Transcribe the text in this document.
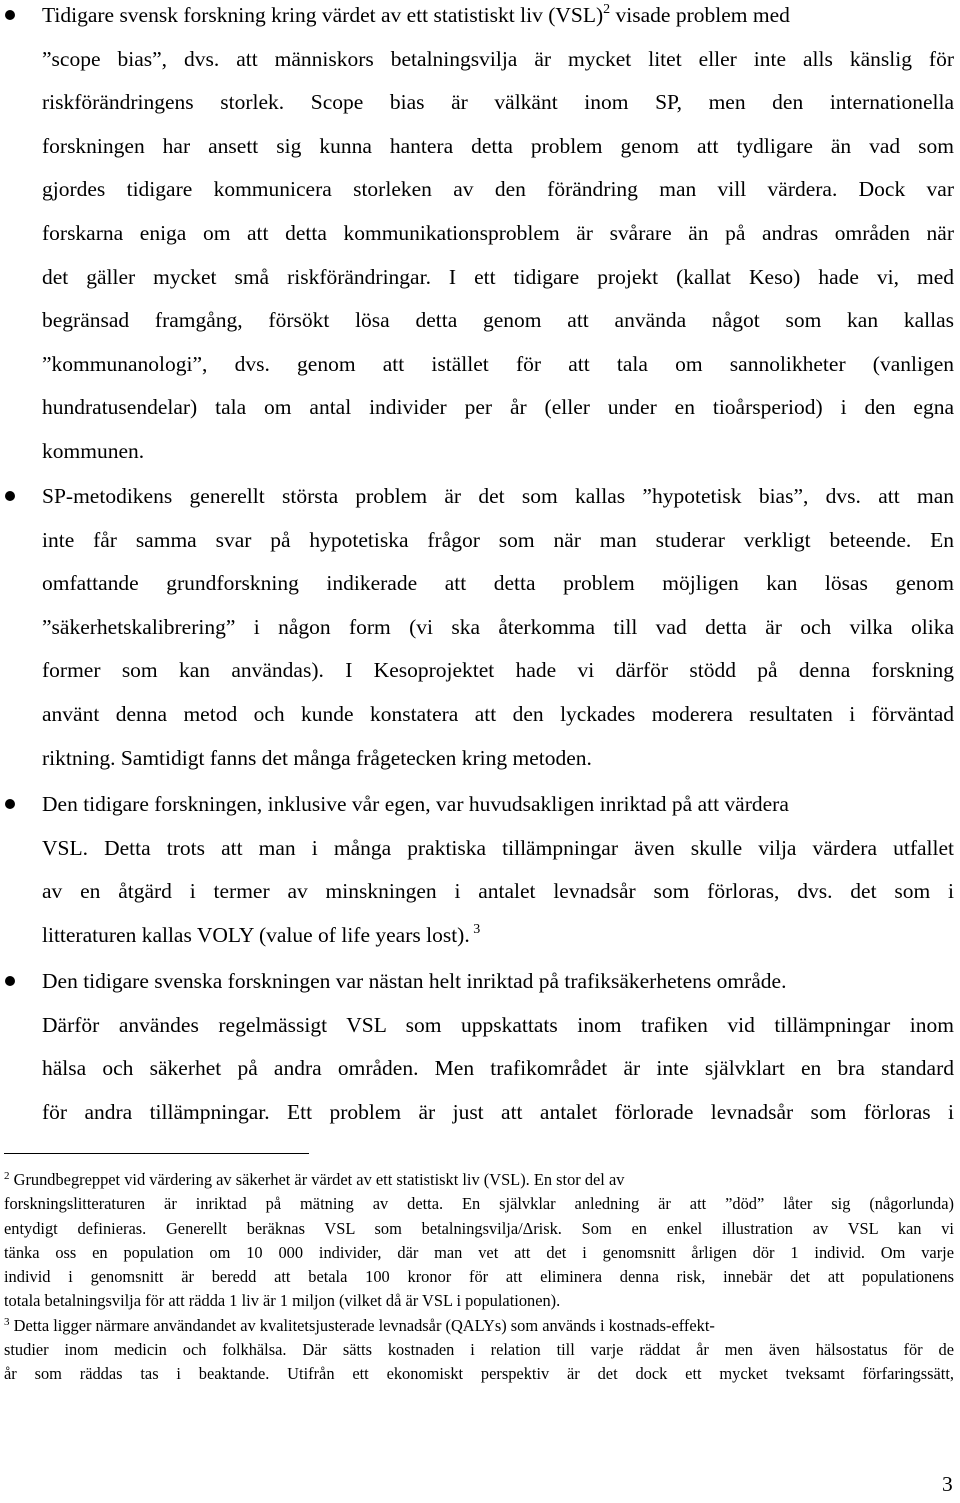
Tidigare svensk forskning kring värdet av ett statistiskt liv (VSL)$^2$ visade problem med
”scope bias”, dvs. att människors betalningsvilja är mycket litet eller inte alls känslig för
riskförändringens storlek. Scope bias är välkänt inom SP, men den internationella
forskningen har ansett sig kunna hantera detta problem genom att tydligare än vad som
gjordes tidigare kommunicera storleken av den förändring man vill värdera. Dock var
forskarna eniga om att detta kommunikationsproblem är svårare än på andras områden när
det gäller mycket små riskförändringar. I ett tidigare projekt (kallat Keso) hade vi, med
begränsad framgång, försökt lösa detta genom att använda något som kan kallas
”kommunanologi”, dvs. genom att istället för att tala om sannolikheter (vanligen
hundratusendelar) tala om antal individer per år (eller under en tioårsperiod) i den egna
kommunen.
SP-metodikens generellt största problem är det som kallas ”hypotetisk bias”, dvs. att man
inte får samma svar på hypotetiska frågor som när man studerar verkligt beteende. En
omfattande grundforskning indikerade att detta problem möjligen kan lösas genom
”säkerhetskalibrering” i någon form (vi ska återkomma till vad detta är och vilka olika
former som kan användas). I Kesoprojektet hade vi därför stödd på denna forskning
använt denna metod och kunde konstatera att den lyckades moderera resultaten i förväntad
riktning. Samtidigt fanns det många frågetecken kring metoden.
Den tidigare forskningen, inklusive vår egen, var huvudsakligen inriktad på att värdera
VSL. Detta trots att man i många praktiska tillämpningar även skulle vilja värdera utfallet
av en åtgärd i termer av minskningen i antalet levnadsår som förloras, dvs. det som i
litteraturen kallas VOLY (value of life years lost). $^3$
Den tidigare svenska forskningen var nästan helt inriktad på trafiksäkerhetens område.
Därför användes regelmässigt VSL som uppskattats inom trafiken vid tillämpningar inom
hälsa och säkerhet på andra områden. Men trafikområdet är inte självklart en bra standard
för andra tillämpningar. Ett problem är just att antalet förlorade levnadsår som förloras i
$^2$ Grundbegreppet vid värdering av säkerhet är värdet av ett statistiskt liv (VSL). En stor del av
forskningslitteraturen är inriktad på mätning av detta. En självklar anledning är att ”död” låter sig (någorlunda)
entydigt definieras. Generellt beräknas VSL som betalningsvilja/Δrisk. Som en enkel illustration av VSL kan vi
tänka oss en population om 10 000 individer, där man vet att det i genomsnitt årligen dör 1 individ. Om varje
individ i genomsnitt är beredd att betala 100 kronor för att eliminera denna risk, innebär det att populationens
totala betalningsvilja för att rädda 1 liv är 1 miljon (vilket då är VSL i populationen).
$^3$ Detta ligger närmare användandet av kvalitetsjusterade levnadsår (QALYs) som används i kostnads-effekt-
studier inom medicin och folkhälsa. Där sätts kostnaden i relation till varje räddat år men även hälsostatus för de
år som räddas tas i beaktande. Utifrån ett ekonomiskt perspektiv är det dock ett mycket tveksamt förfaringssätt,
3
